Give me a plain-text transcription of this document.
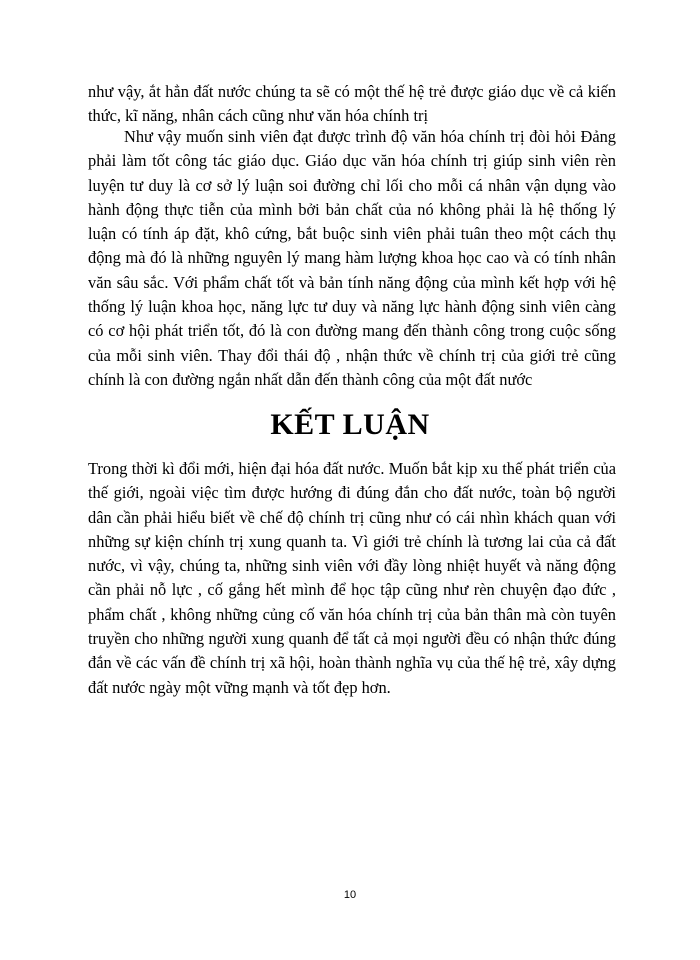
như vậy, ắt hẳn đất nước chúng ta sẽ có một thế hệ trẻ được giáo dục về cả kiến thức, kĩ năng, nhân cách cũng như văn hóa chính trị

Như vậy muốn sinh viên đạt được trình độ văn hóa chính trị đòi hỏi Đảng phải làm tốt công tác giáo dục. Giáo dục văn hóa chính trị giúp sinh viên rèn luyện tư duy là cơ sở lý luận soi đường chỉ lối cho mỗi cá nhân vận dụng vào hành động thực tiễn của mình bởi bản chất của nó không phải là hệ thống lý luận có tính áp đặt, khô cứng, bắt buộc sinh viên phải tuân theo một cách thụ động mà đó là những nguyên lý mang hàm lượng khoa học cao và có tính nhân văn sâu sắc. Với phẩm chất tốt và bản tính năng động của mình kết hợp với hệ thống lý luận khoa học, năng lực tư duy và năng lực hành động sinh viên càng có cơ hội phát triển tốt, đó là con đường mang đến thành công trong cuộc sống của mỗi sinh viên. Thay đổi thái độ , nhận thức về chính trị của giới trẻ cũng chính là con đường ngắn nhất dẫn đến thành công của một đất nước

KẾT LUẬN

Trong thời kì đổi mới, hiện đại hóa đất nước. Muốn bắt kịp xu thế phát triển của thế giới, ngoài việc tìm được hướng đi đúng đắn cho đất nước, toàn bộ người dân cần phải hiểu biết về chế độ chính trị cũng như có cái nhìn khách quan với những sự kiện chính trị xung quanh ta. Vì giới trẻ chính là tương lai của cả đất nước, vì vậy, chúng ta, những sinh viên với đầy lòng nhiệt huyết và năng động cần phải nỗ lực , cố gắng hết mình để học tập cũng như rèn chuyện đạo đức , phẩm chất , không những củng cố văn hóa chính trị của bản thân mà còn tuyên truyền cho những người xung quanh để tất cả mọi người đều có nhận thức đúng đắn về các vấn đề chính trị xã hội, hoàn thành nghĩa vụ của thế hệ trẻ, xây dựng đất nước ngày một vững mạnh và tốt đẹp hơn.

10
